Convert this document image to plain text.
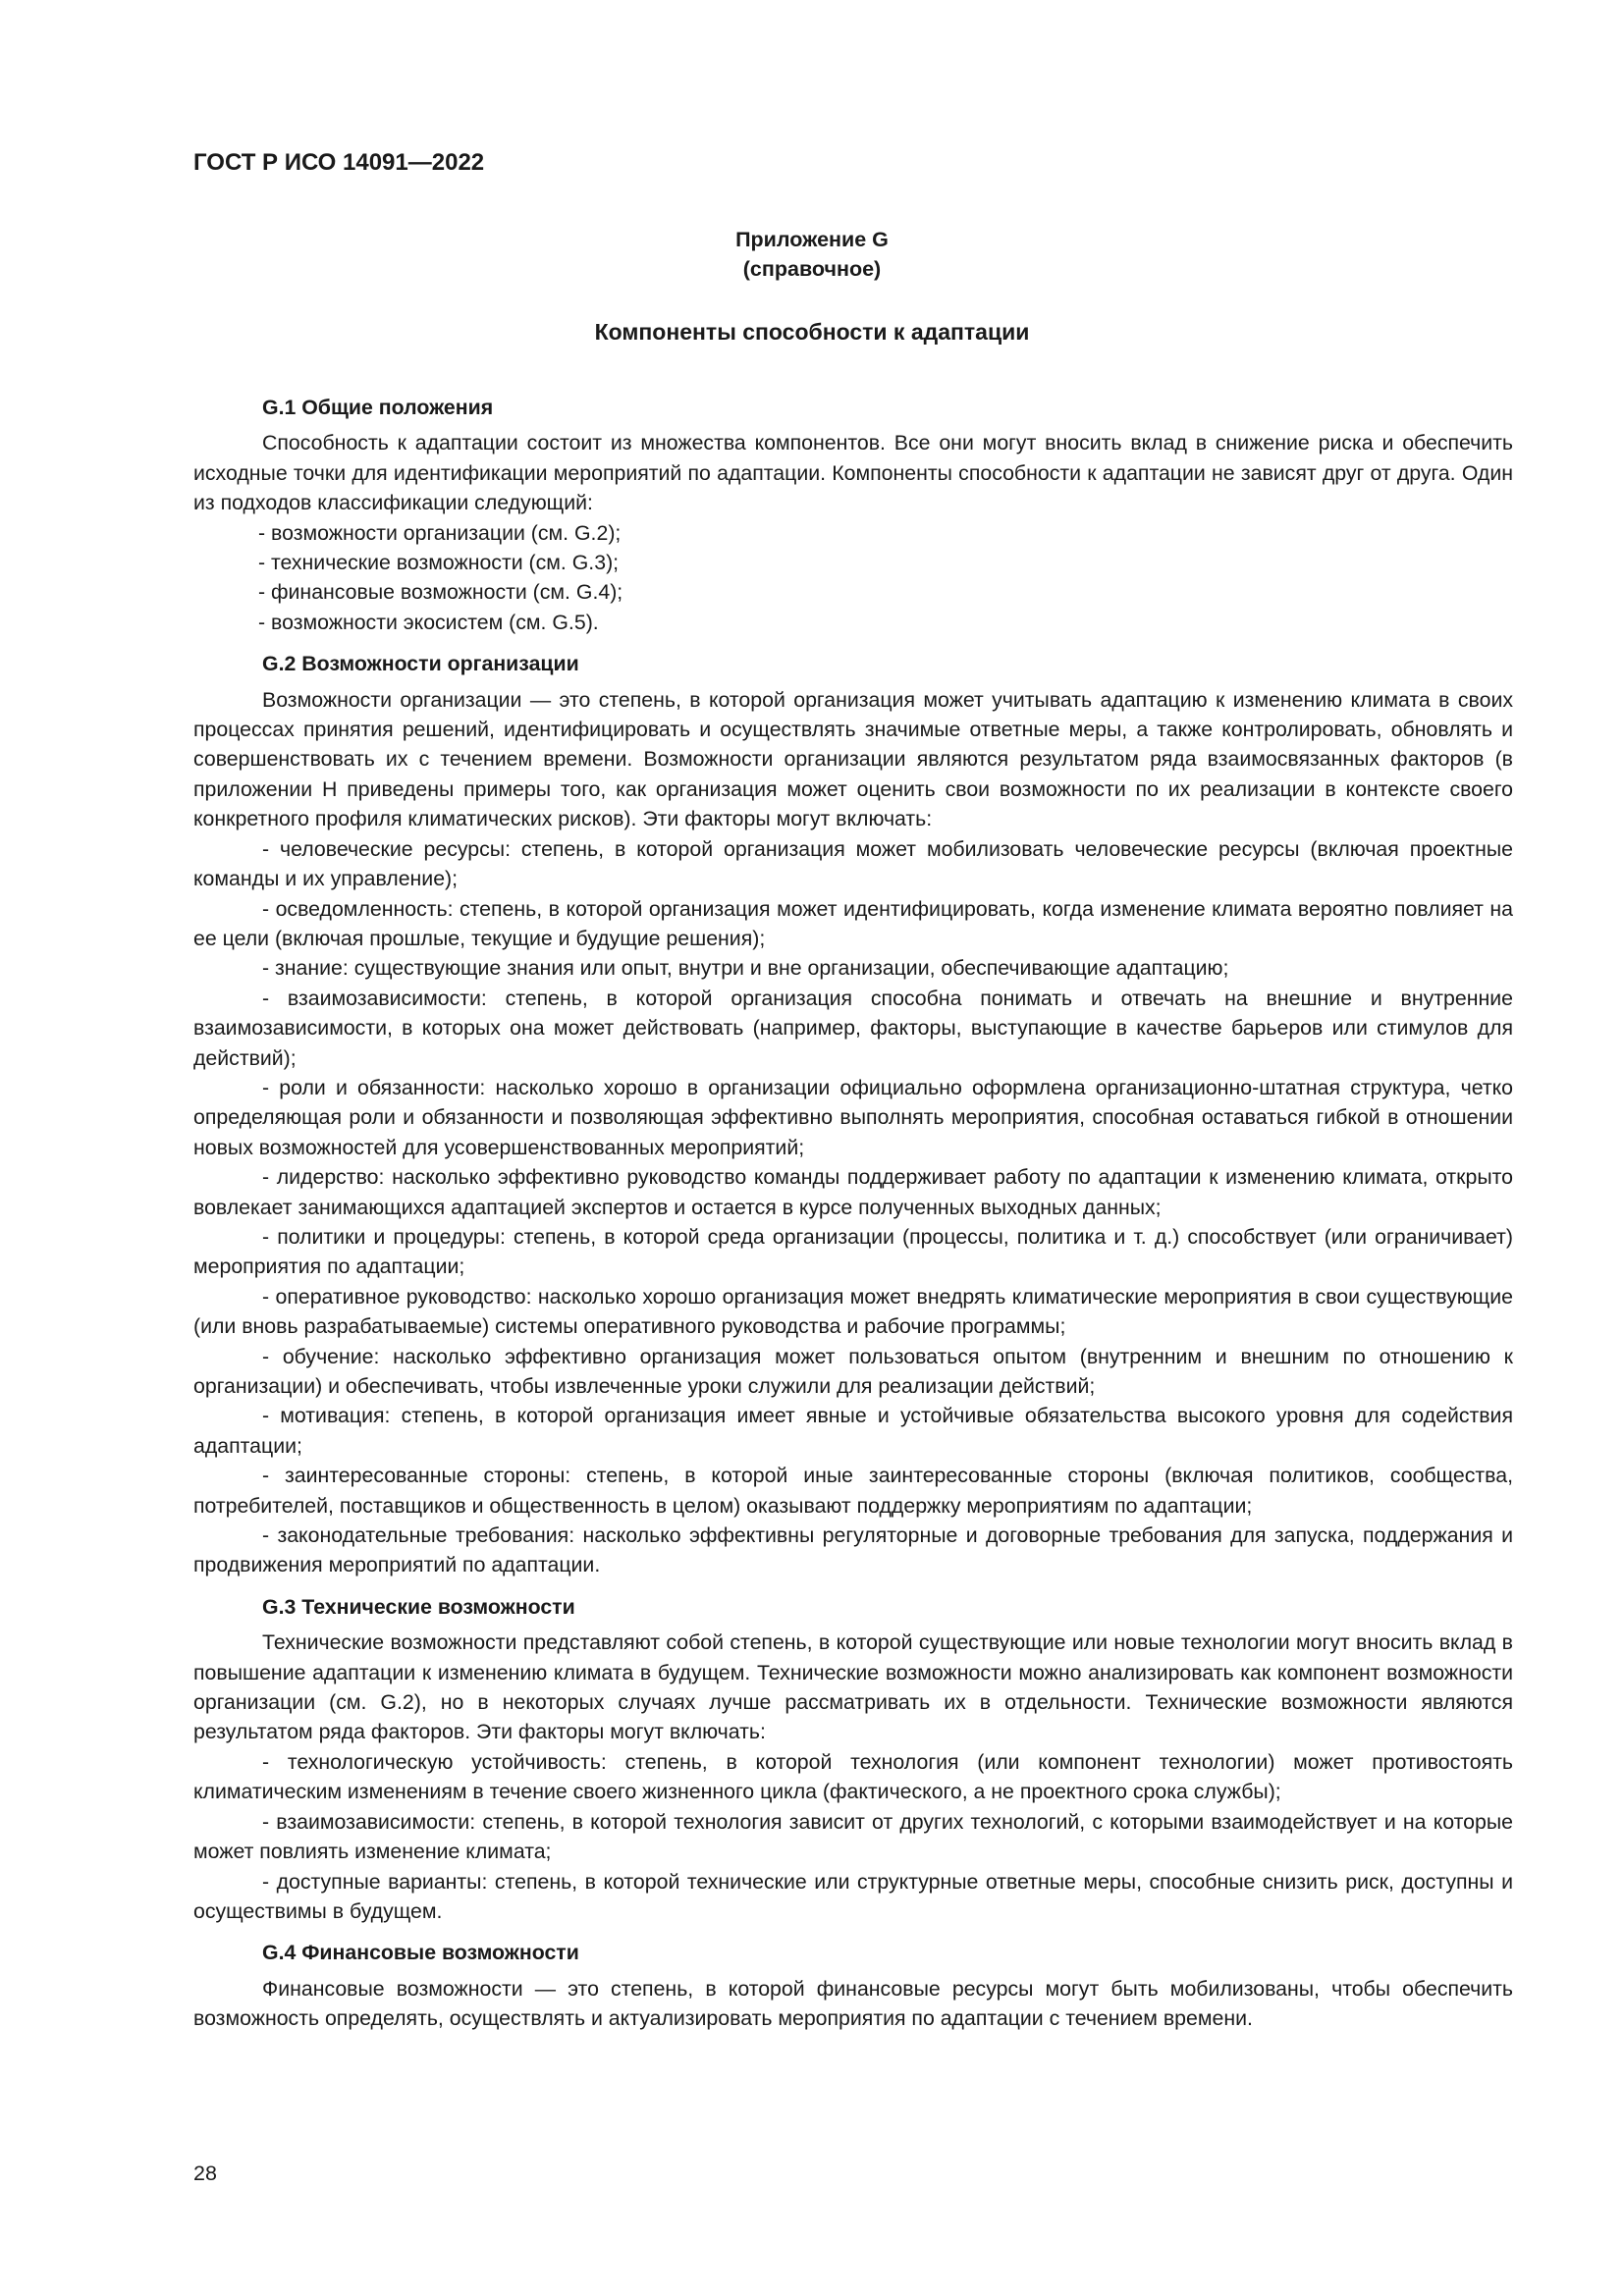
ГОСТ Р ИСО 14091—2022
Приложение G
(справочное)
Компоненты способности к адаптации
G.1 Общие положения

Способность к адаптации состоит из множества компонентов. Все они могут вносить вклад в снижение риска и обеспечить исходные точки для идентификации мероприятий по адаптации. Компоненты способности к адаптации не зависят друг от друга. Один из подходов классификации следующий:

- возможности организации (см. G.2);
- технические возможности (см. G.3);
- финансовые возможности (см. G.4);
- возможности экосистем (см. G.5).
G.2 Возможности организации

Возможности организации — это степень, в которой организация может учитывать адаптацию к изменению климата в своих процессах принятия решений, идентифицировать и осуществлять значимые ответные меры, а также контролировать, обновлять и совершенствовать их с течением времени. Возможности организации являются результатом ряда взаимосвязанных факторов (в приложении H приведены примеры того, как организация может оценить свои возможности по их реализации в контексте своего конкретного профиля климатических рисков). Эти факторы могут включать:

- человеческие ресурсы: степень, в которой организация может мобилизовать человеческие ресурсы (включая проектные команды и их управление);
- осведомленность: степень, в которой организация может идентифицировать, когда изменение климата вероятно повлияет на ее цели (включая прошлые, текущие и будущие решения);
- знание: существующие знания или опыт, внутри и вне организации, обеспечивающие адаптацию;
- взаимозависимости: степень, в которой организация способна понимать и отвечать на внешние и внутренние взаимозависимости, в которых она может действовать (например, факторы, выступающие в качестве барьеров или стимулов для действий);
- роли и обязанности: насколько хорошо в организации официально оформлена организационно-штатная структура, четко определяющая роли и обязанности и позволяющая эффективно выполнять мероприятия, способная оставаться гибкой в отношении новых возможностей для усовершенствованных мероприятий;
- лидерство: насколько эффективно руководство команды поддерживает работу по адаптации к изменению климата, открыто вовлекает занимающихся адаптацией экспертов и остается в курсе полученных выходных данных;
- политики и процедуры: степень, в которой среда организации (процессы, политика и т. д.) способствует (или ограничивает) мероприятия по адаптации;
- оперативное руководство: насколько хорошо организация может внедрять климатические мероприятия в свои существующие (или вновь разрабатываемые) системы оперативного руководства и рабочие программы;
- обучение: насколько эффективно организация может пользоваться опытом (внутренним и внешним по отношению к организации) и обеспечивать, чтобы извлеченные уроки служили для реализации действий;
- мотивация: степень, в которой организация имеет явные и устойчивые обязательства высокого уровня для содействия адаптации;
- заинтересованные стороны: степень, в которой иные заинтересованные стороны (включая политиков, сообщества, потребителей, поставщиков и общественность в целом) оказывают поддержку мероприятиям по адаптации;
- законодательные требования: насколько эффективны регуляторные и договорные требования для запуска, поддержания и продвижения мероприятий по адаптации.
G.3 Технические возможности

Технические возможности представляют собой степень, в которой существующие или новые технологии могут вносить вклад в повышение адаптации к изменению климата в будущем. Технические возможности можно анализировать как компонент возможности организации (см. G.2), но в некоторых случаях лучше рассматривать их в отдельности. Технические возможности являются результатом ряда факторов. Эти факторы могут включать:

- технологическую устойчивость: степень, в которой технология (или компонент технологии) может противостоять климатическим изменениям в течение своего жизненного цикла (фактического, а не проектного срока службы);
- взаимозависимости: степень, в которой технология зависит от других технологий, с которыми взаимодействует и на которые может повлиять изменение климата;
- доступные варианты: степень, в которой технические или структурные ответные меры, способные снизить риск, доступны и осуществимы в будущем.
G.4 Финансовые возможности

Финансовые возможности — это степень, в которой финансовые ресурсы могут быть мобилизованы, чтобы обеспечить возможность определять, осуществлять и актуализировать мероприятия по адаптации с течением времени.

28
